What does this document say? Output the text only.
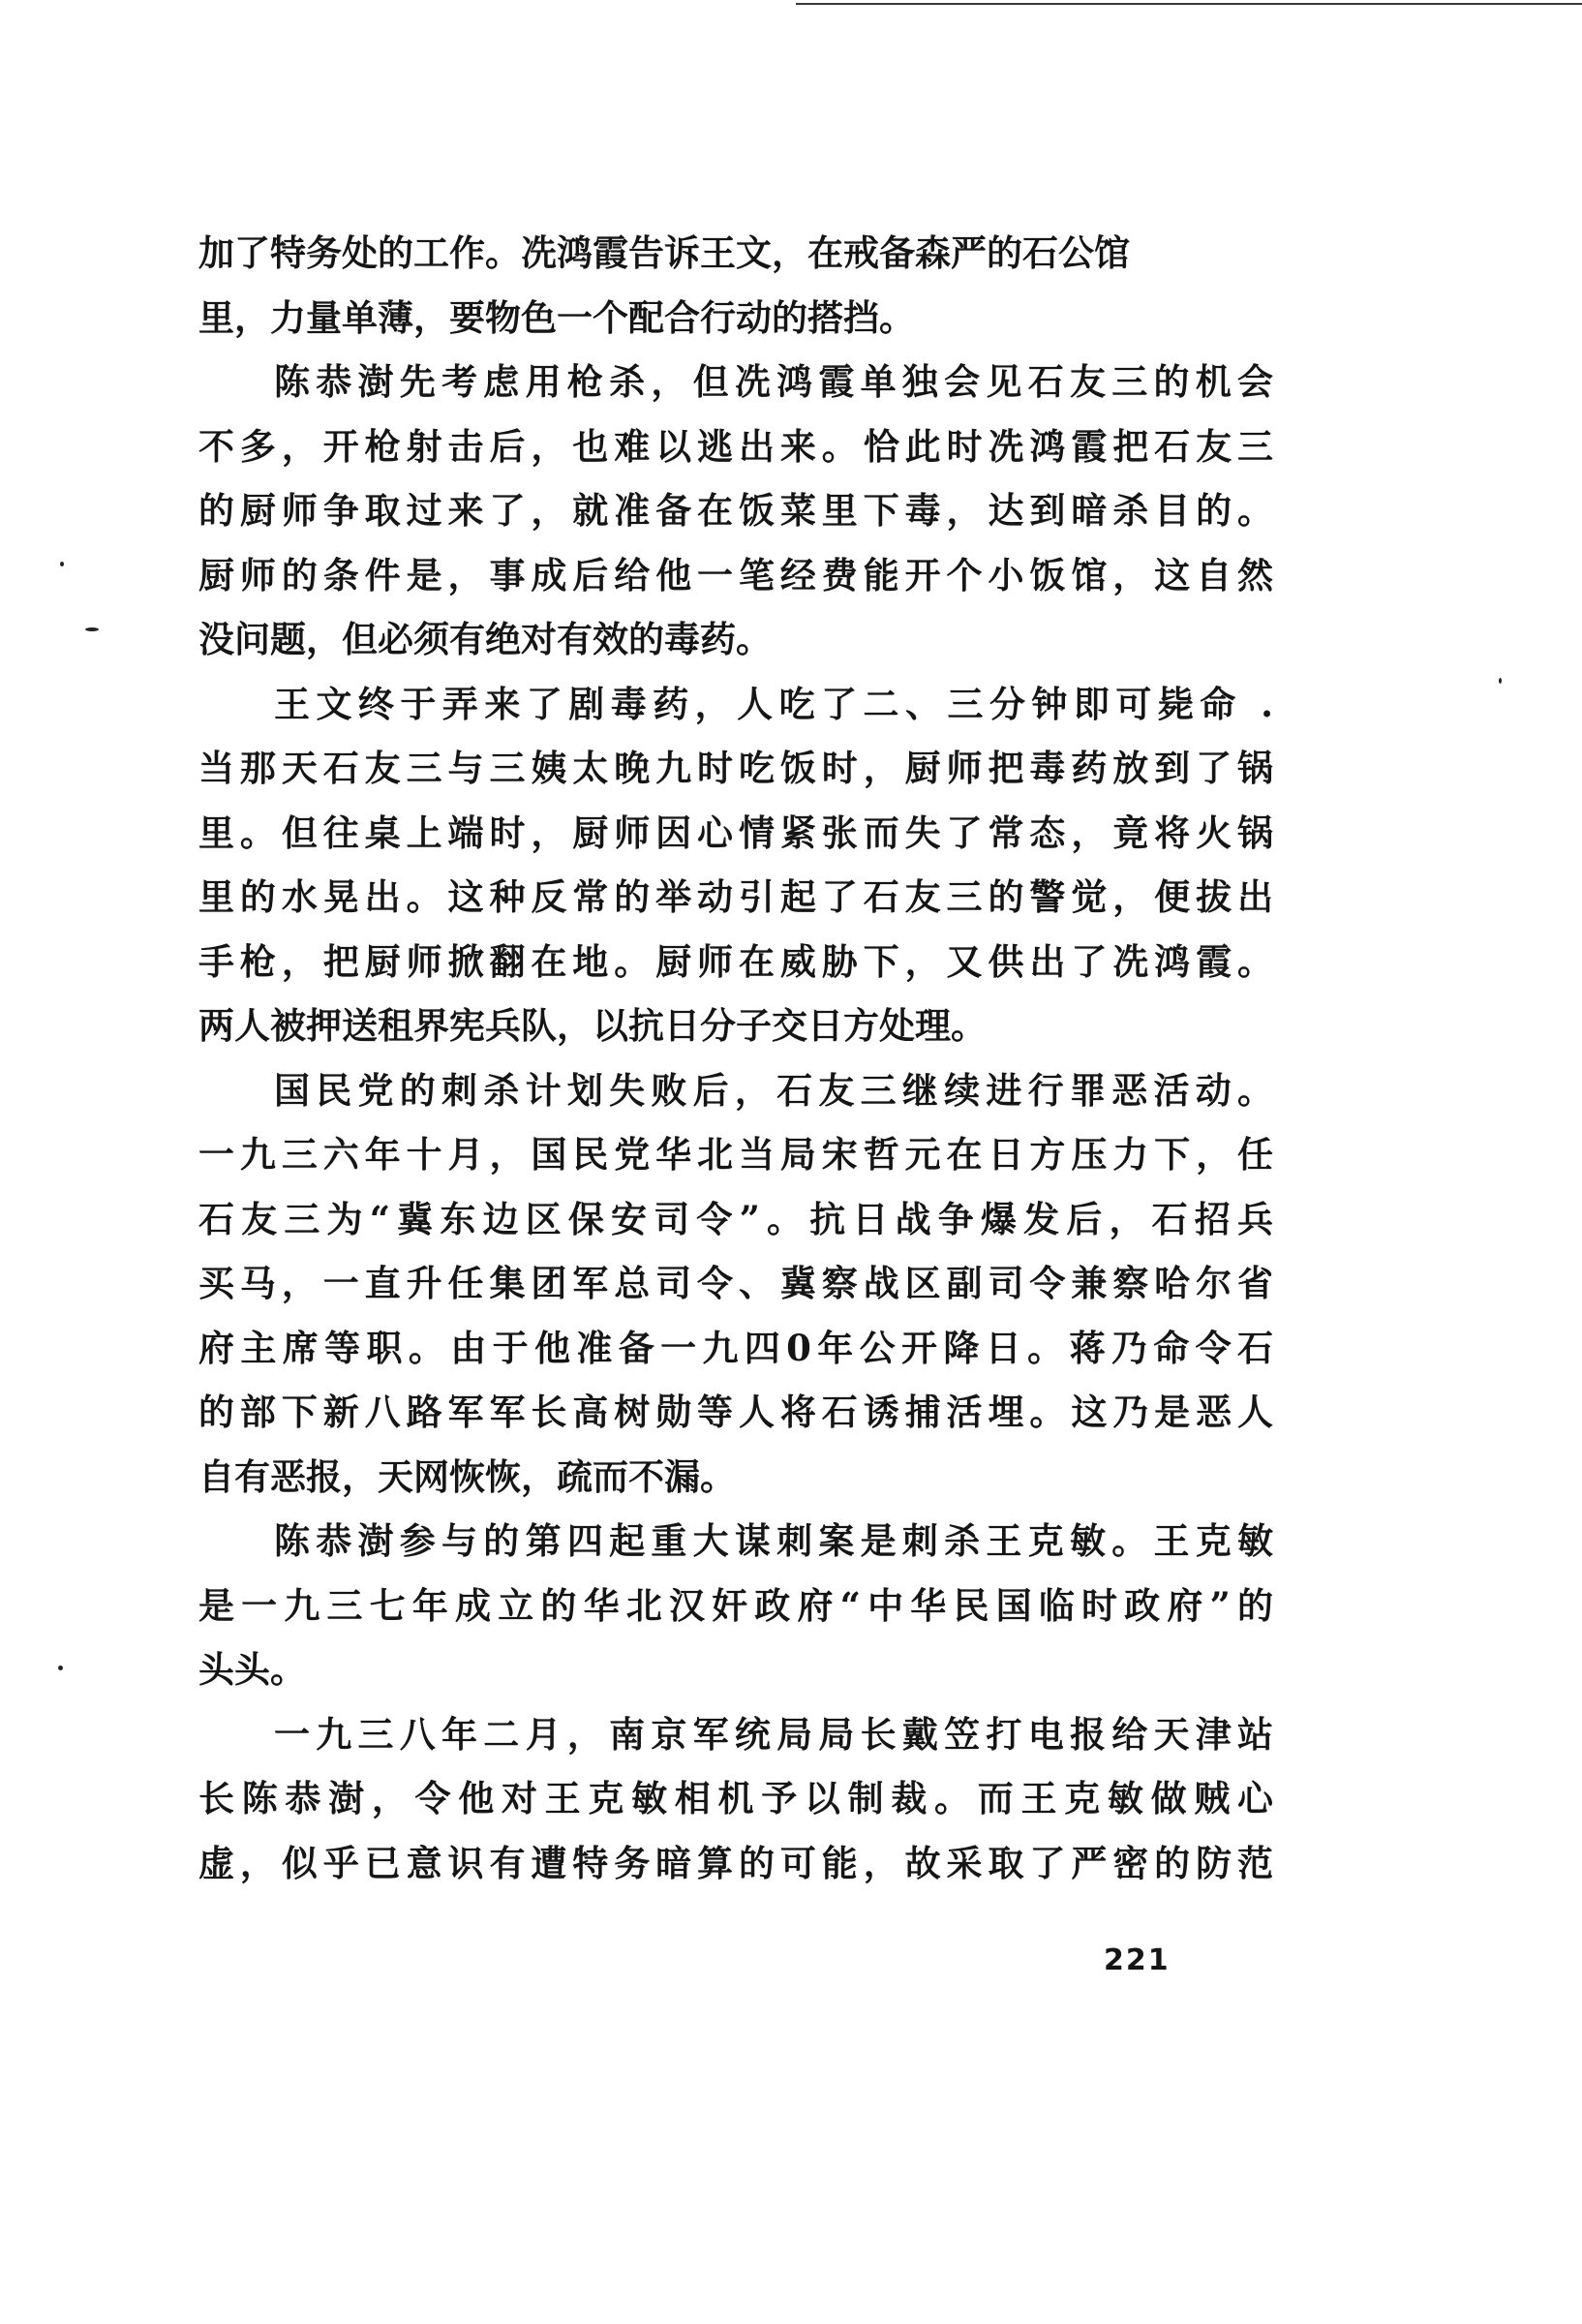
加了特务处的工作。冼鸿霞告诉王文，在戒备森严的石公馆
里，力量单薄，要物色一个配合行动的搭挡。
陈恭澍先考虑用枪杀，但冼鸿霞单独会见石友三的机会
不多，开枪射击后，也难以逃出来。恰此时冼鸿霞把石友三
的厨师争取过来了，就准备在饭菜里下毒，达到暗杀目的。
厨师的条件是，事成后给他一笔经费能开个小饭馆，这自然
没问题，但必须有绝对有效的毒药。
王文终于弄来了剧毒药，人吃了二、三分钟即可毙命 .
当那天石友三与三姨太晚九时吃饭时，厨师把毒药放到了锅
里。但往桌上端时，厨师因心情紧张而失了常态，竟将火锅
里的水晃出。这种反常的举动引起了石友三的警觉，便拔出
手枪，把厨师掀翻在地。厨师在威胁下，又供出了冼鸿霞。
两人被押送租界宪兵队，以抗日分子交日方处理。
国民党的刺杀计划失败后，石友三继续进行罪恶活动。
一九三六年十月，国民党华北当局宋哲元在日方压力下，任
石友三为“冀东边区保安司令”。抗日战争爆发后，石招兵
买马，一直升任集团军总司令、冀察战区副司令兼察哈尔省
府主席等职。由于他准备一九四0年公开降日。蒋乃命令石
的部下新八路军军长高树勋等人将石诱捕活埋。这乃是恶人
自有恶报，天网恢恢，疏而不漏。
陈恭澍参与的第四起重大谋刺案是刺杀王克敏。王克敏
是一九三七年成立的华北汉奸政府“中华民国临时政府”的
头头。
一九三八年二月，南京军统局局长戴笠打电报给天津站
长陈恭澍，令他对王克敏相机予以制裁。而王克敏做贼心
虚，似乎已意识有遭特务暗算的可能，故采取了严密的防范
221
